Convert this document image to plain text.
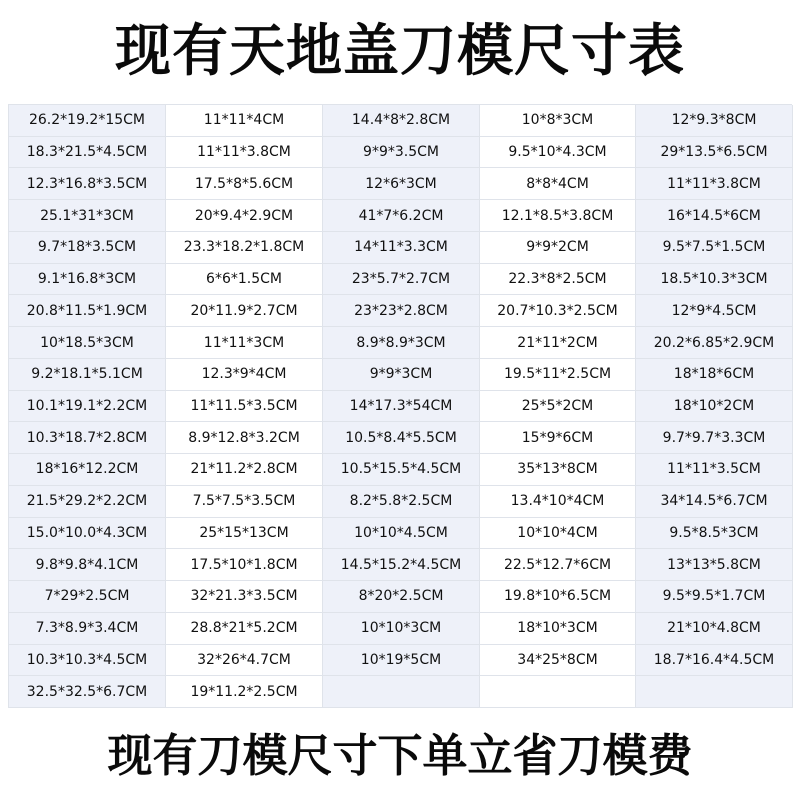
现有天地盖刀模尺寸表
26.2*19.2*15CM
18.3*21.5*4.5CM
12.3*16.8*3.5CM
25.1*31*3CM
9.7*18*3.5CM
9.1*16.8*3CM
20.8*11.5*1.9CM
10*18.5*3CM
9.2*18.1*5.1CM
10.1*19.1*2.2CM
10.3*18.7*2.8CM
18*16*12.2CM
21.5*29.2*2.2CM
15.0*10.0*4.3CM
9.8*9.8*4.1CM
7*29*2.5CM
7.3*8.9*3.4CM
10.3*10.3*4.5CM
32.5*32.5*6.7CM
11*11*4CM
11*11*3.8CM
17.5*8*5.6CM
20*9.4*2.9CM
23.3*18.2*1.8CM
6*6*1.5CM
20*11.9*2.7CM
11*11*3CM
12.3*9*4CM
11*11.5*3.5CM
8.9*12.8*3.2CM
21*11.2*2.8CM
7.5*7.5*3.5CM
25*15*13CM
17.5*10*1.8CM
32*21.3*3.5CM
28.8*21*5.2CM
32*26*4.7CM
19*11.2*2.5CM
14.4*8*2.8CM
9*9*3.5CM
12*6*3CM
41*7*6.2CM
14*11*3.3CM
23*5.7*2.7CM
23*23*2.8CM
8.9*8.9*3CM
9*9*3CM
14*17.3*54CM
10.5*8.4*5.5CM
10.5*15.5*4.5CM
8.2*5.8*2.5CM
10*10*4.5CM
14.5*15.2*4.5CM
8*20*2.5CM
10*10*3CM
10*19*5CM
10*8*3CM
9.5*10*4.3CM
8*8*4CM
12.1*8.5*3.8CM
9*9*2CM
22.3*8*2.5CM
20.7*10.3*2.5CM
21*11*2CM
19.5*11*2.5CM
25*5*2CM
15*9*6CM
35*13*8CM
13.4*10*4CM
10*10*4CM
22.5*12.7*6CM
19.8*10*6.5CM
18*10*3CM
34*25*8CM
12*9.3*8CM
29*13.5*6.5CM
11*11*3.8CM
16*14.5*6CM
9.5*7.5*1.5CM
18.5*10.3*3CM
12*9*4.5CM
20.2*6.85*2.9CM
18*18*6CM
18*10*2CM
9.7*9.7*3.3CM
11*11*3.5CM
34*14.5*6.7CM
9.5*8.5*3CM
13*13*5.8CM
9.5*9.5*1.7CM
21*10*4.8CM
18.7*16.4*4.5CM
现有刀模尺寸下单立省刀模费
